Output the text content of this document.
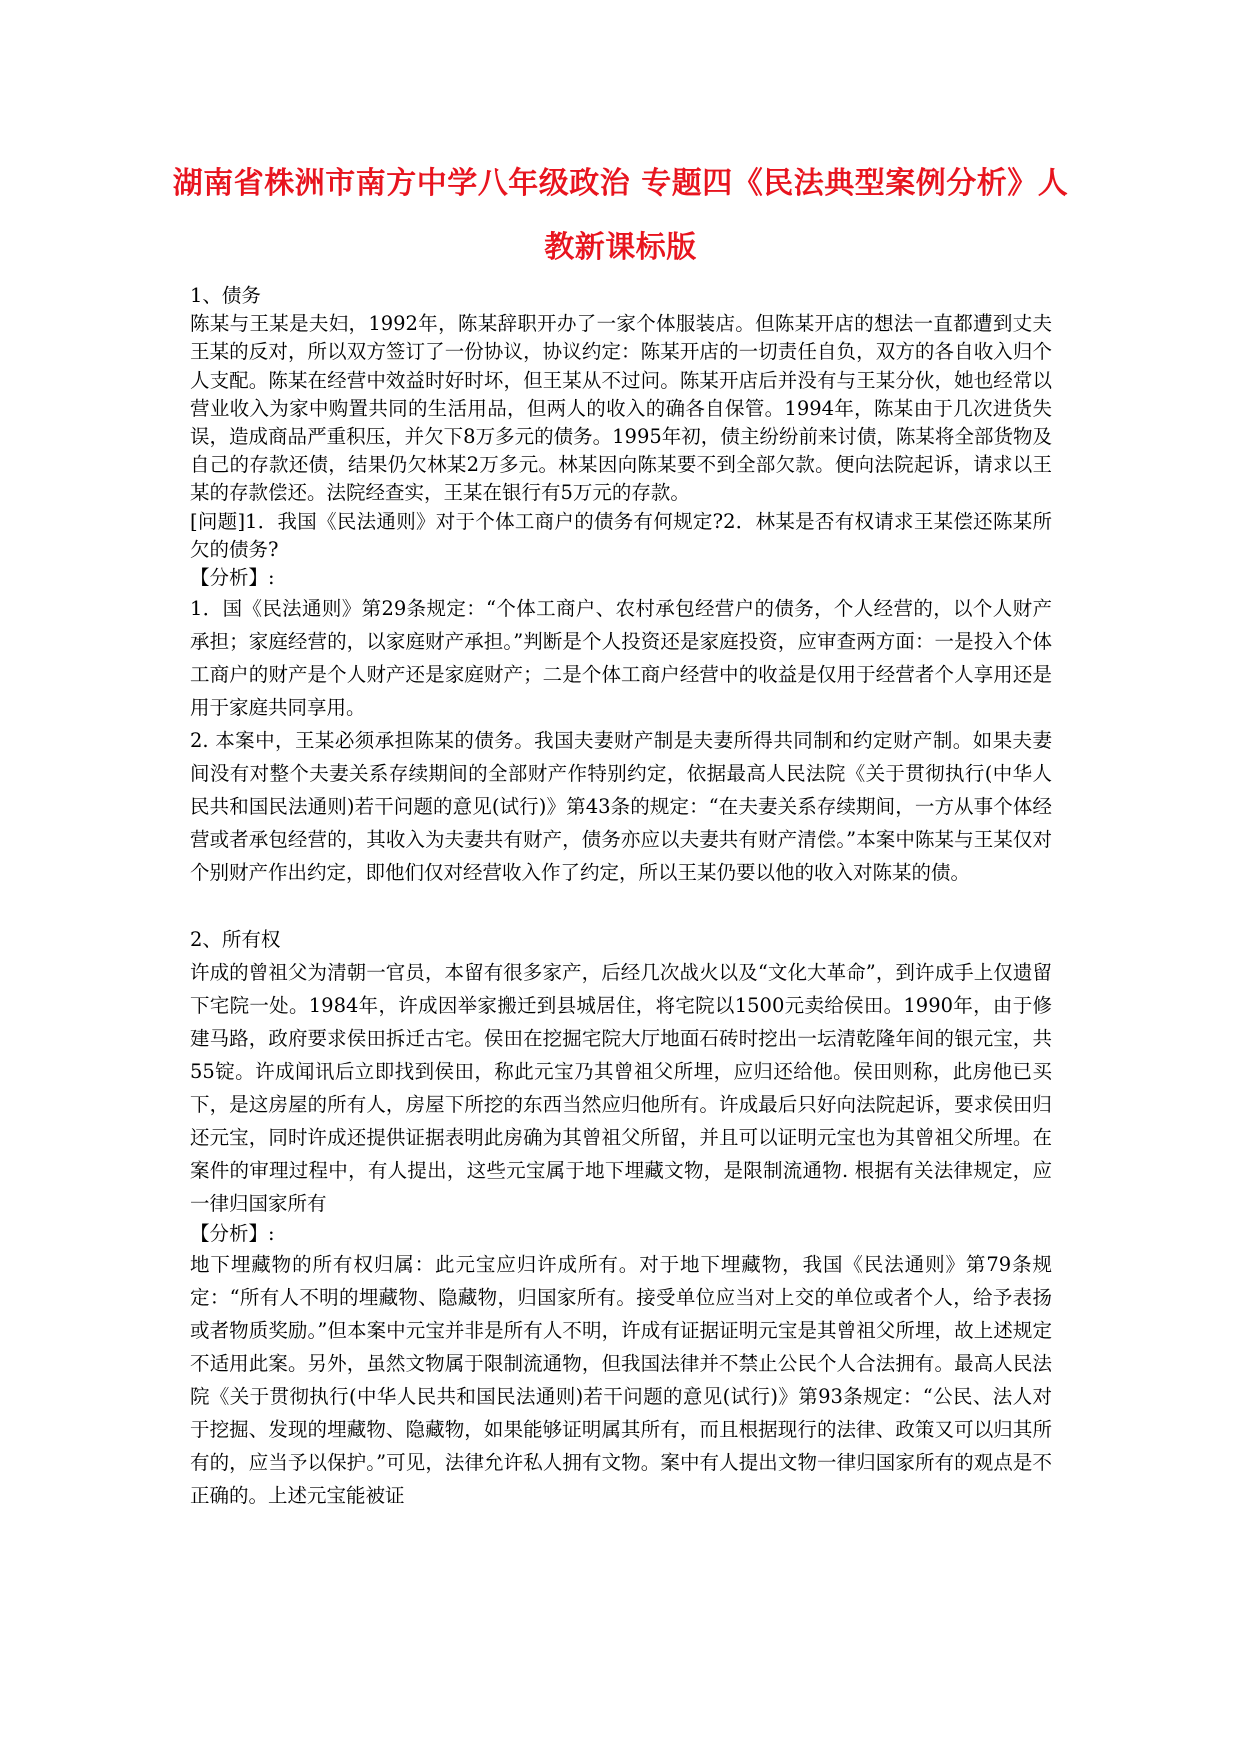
湖南省株洲市南方中学八年级政治 专题四《民法典型案例分析》人
教新课标版

1、债务

陈某与王某是夫妇，1992年，陈某辞职开办了一家个体服装店。但陈某开店的想法一直都遭到丈夫王某的反对，所以双方签订了一份协议，协议约定：陈某开店的一切责任自负，双方的各自收入归个人支配。陈某在经营中效益时好时坏，但王某从不过问。陈某开店后并没有与王某分伙，她也经常以营业收入为家中购置共同的生活用品，但两人的收入的确各自保管。1994年，陈某由于几次进货失误，造成商品严重积压，并欠下8万多元的债务。1995年初，债主纷纷前来讨债，陈某将全部货物及自己的存款还债，结果仍欠林某2万多元。林某因向陈某要不到全部欠款。便向法院起诉，请求以王某的存款偿还。法院经查实，王某在银行有5万元的存款。

[问题]1．我国《民法通则》对于个体工商户的债务有何规定?2．林某是否有权请求王某偿还陈某所欠的债务?

【分析】:

1．国《民法通则》第29条规定：“个体工商户、农村承包经营户的债务，个人经营的，以个人财产承担；家庭经营的，以家庭财产承担。”判断是个人投资还是家庭投资，应审查两方面：一是投入个体工商户的财产是个人财产还是家庭财产；二是个体工商户经营中的收益是仅用于经营者个人享用还是用于家庭共同享用。

2. 本案中，王某必须承担陈某的债务。我国夫妻财产制是夫妻所得共同制和约定财产制。如果夫妻间没有对整个夫妻关系存续期间的全部财产作特别约定，依据最高人民法院《关于贯彻执行(中华人民共和国民法通则)若干问题的意见(试行)》第43条的规定：“在夫妻关系存续期间，一方从事个体经营或者承包经营的，其收入为夫妻共有财产，债务亦应以夫妻共有财产清偿。”本案中陈某与王某仅对个别财产作出约定，即他们仅对经营收入作了约定，所以王某仍要以他的收入对陈某的债。

2、所有权

许成的曾祖父为清朝一官员，本留有很多家产，后经几次战火以及“文化大革命”，到许成手上仅遗留下宅院一处。1984年，许成因举家搬迁到县城居住，将宅院以1500元卖给侯田。1990年，由于修建马路，政府要求侯田拆迁古宅。侯田在挖掘宅院大厅地面石砖时挖出一坛清乾隆年间的银元宝，共55锭。许成闻讯后立即找到侯田，称此元宝乃其曾祖父所埋，应归还给他。侯田则称，此房他已买下，是这房屋的所有人，房屋下所挖的东西当然应归他所有。许成最后只好向法院起诉，要求侯田归还元宝，同时许成还提供证据表明此房确为其曾祖父所留，并且可以证明元宝也为其曾祖父所埋。在案件的审理过程中，有人提出，这些元宝属于地下埋藏文物，是限制流通物. 根据有关法律规定，应一律归国家所有

【分析】:

地下埋藏物的所有权归属：此元宝应归许成所有。对于地下埋藏物，我国《民法通则》第79条规定：“所有人不明的埋藏物、隐藏物，归国家所有。接受单位应当对上交的单位或者个人，给予表扬或者物质奖励。”但本案中元宝并非是所有人不明，许成有证据证明元宝是其曾祖父所埋，故上述规定不适用此案。另外，虽然文物属于限制流通物，但我国法律并不禁止公民个人合法拥有。最高人民法院《关于贯彻执行(中华人民共和国民法通则)若干问题的意见(试行)》第93条规定：“公民、法人对于挖掘、发现的埋藏物、隐藏物，如果能够证明属其所有，而且根据现行的法律、政策又可以归其所有的，应当予以保护。”可见，法律允许私人拥有文物。案中有人提出文物一律归国家所有的观点是不正确的。上述元宝能被证
